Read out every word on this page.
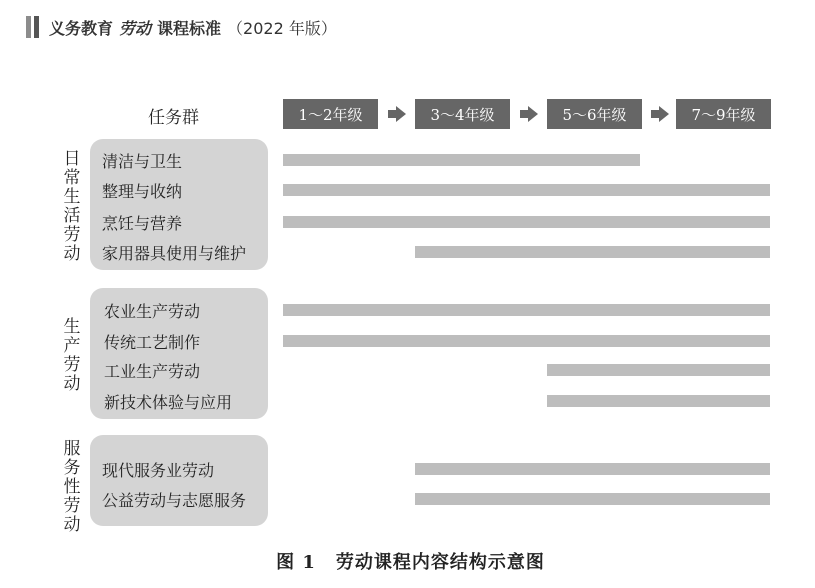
义务教育 劳动 课程标准 （2022 年版）
任务群	1～2年级	3～4年级	5～6年级	7～9年级
日
常
生
活
劳
动
清洁与卫生
整理与收纳
烹饪与营养
家用器具使用与维护
生
产
劳
动
农业生产劳动
传统工艺制作
工业生产劳动
新技术体验与应用
服
务
性
劳
动
现代服务业劳动
公益劳动与志愿服务
图 1 劳动课程内容结构示意图
